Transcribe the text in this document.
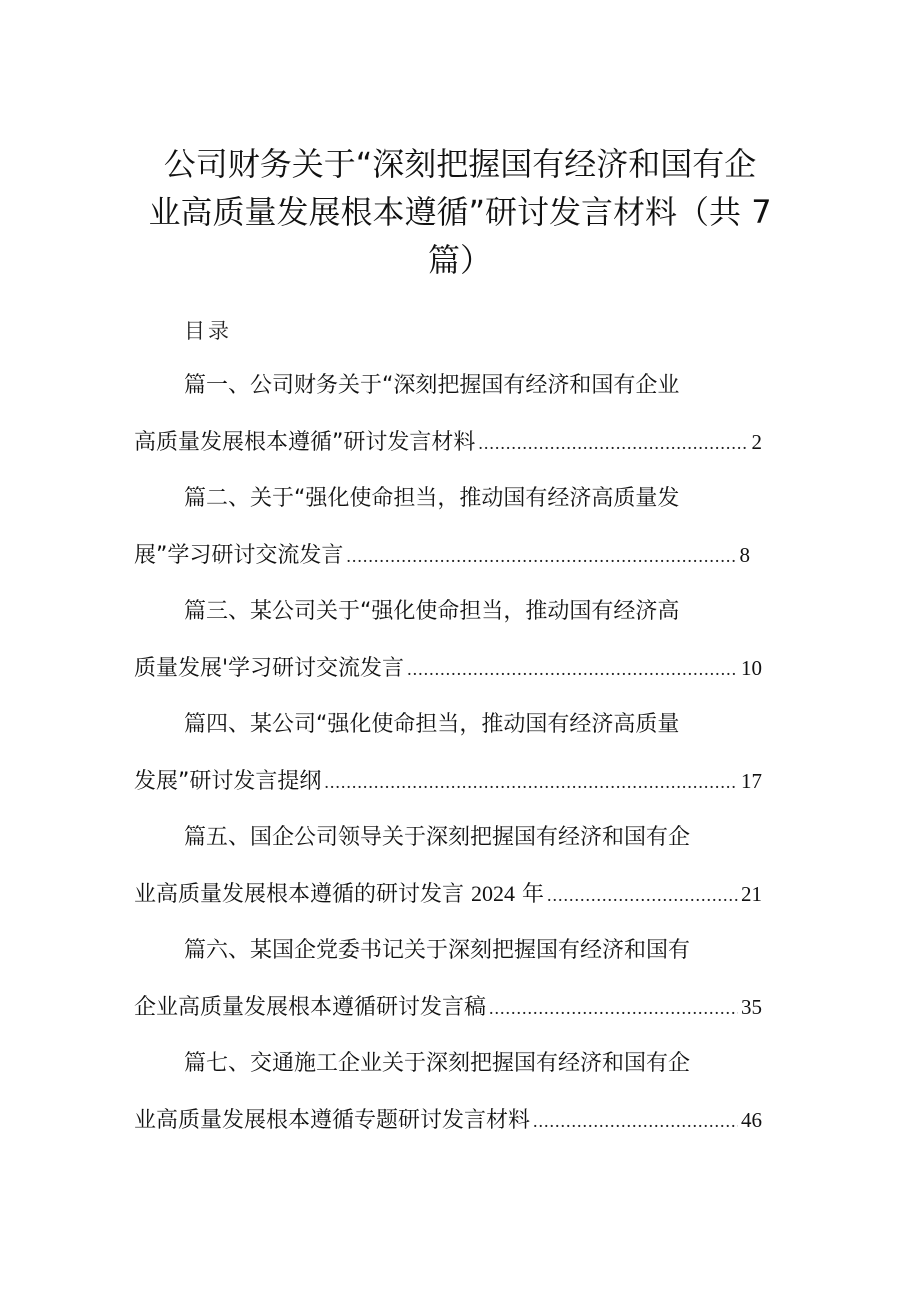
公司财务关于“深刻把握国有经济和国有企
业高质量发展根本遵循”研讨发言材料（共 7
篇）
目录
篇一、公司财务关于“深刻把握国有经济和国有企业
高质量发展根本遵循”研讨发言材料 .....	2
篇二、关于“强化使命担当，推动国有经济高质量发
展”学习研讨交流发言 .....	8
篇三、某公司关于“强化使命担当，推动国有经济高
质量发展'学习研讨交流发言 .....	10
篇四、某公司“强化使命担当，推动国有经济高质量
发展”研讨发言提纲 .....	17
篇五、国企公司领导关于深刻把握国有经济和国有企
业高质量发展根本遵循的研讨发言 2024 年 .....	21
篇六、某国企党委书记关于深刻把握国有经济和国有
企业高质量发展根本遵循研讨发言稿 .....	35
篇七、交通施工企业关于深刻把握国有经济和国有企
业高质量发展根本遵循专题研讨发言材料 .....	46
